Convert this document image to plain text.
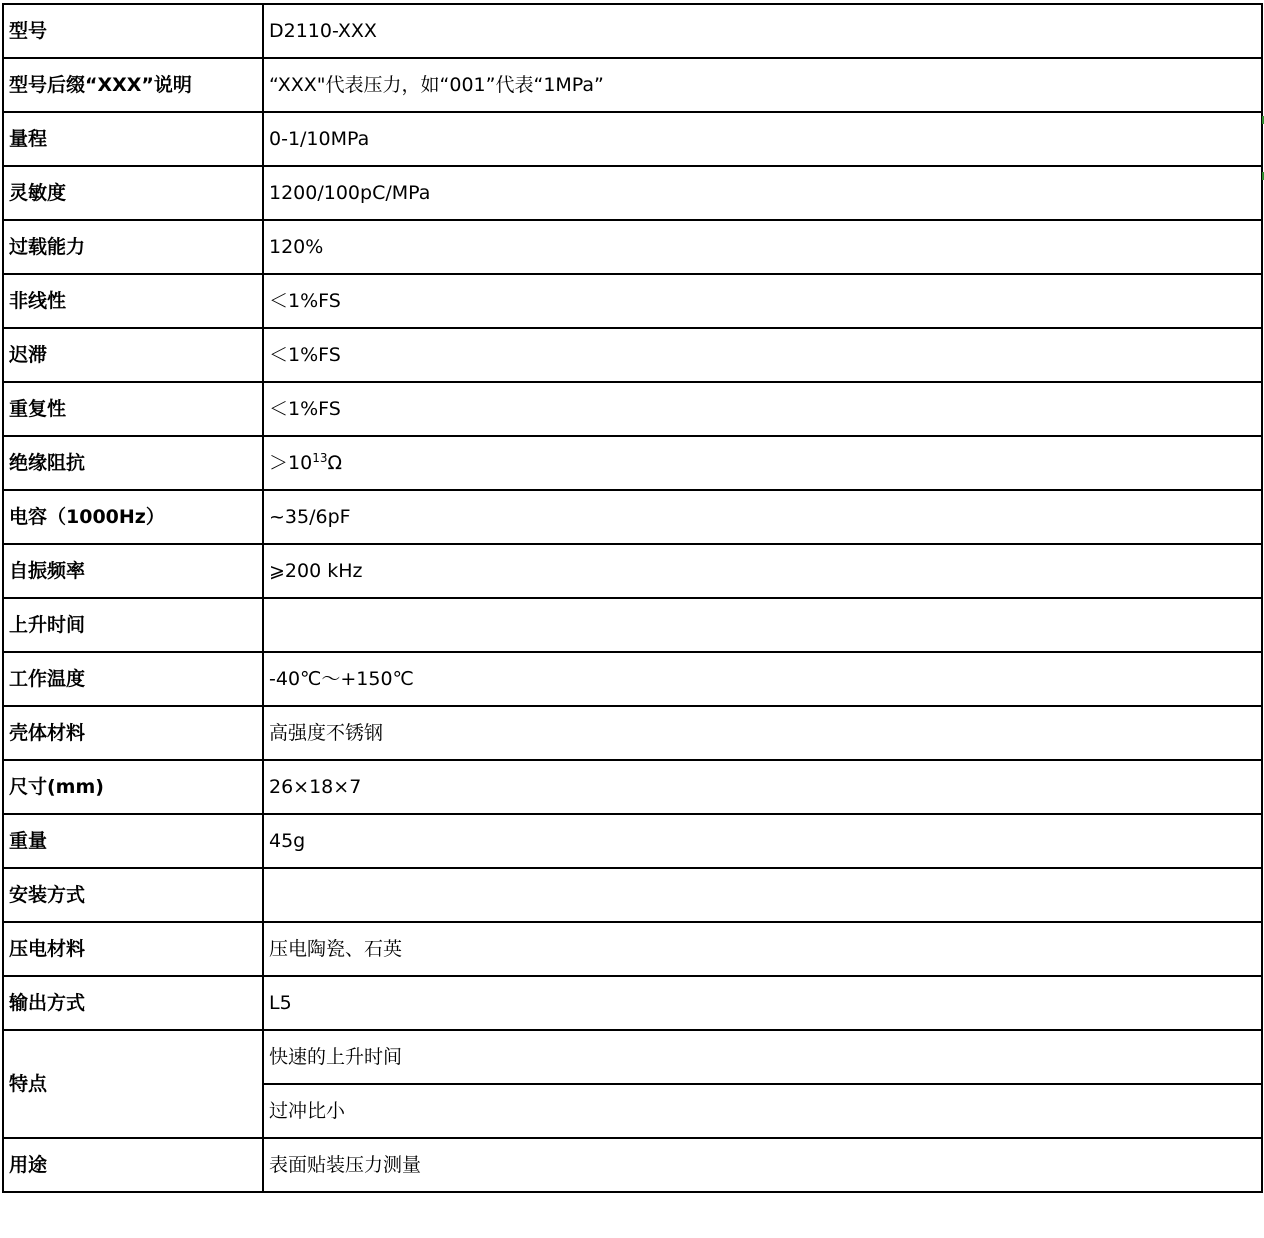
型号	D2110-XXX
型号后缀“XXX”说明	“XXX"代表压力，如“001”代表“1MPa”
量程	0-1/10MPa
灵敏度	1200/100pC/MPa
过载能力	120%
非线性	＜1%FS
迟滞	＜1%FS
重复性	＜1%FS
绝缘阻抗	$>10^{13}\Omega$
电容（1000Hz）	~35/6pF
自振频率	⩾200 kHz
上升时间	
工作温度	-40℃～+150℃
壳体材料	高强度不锈钢
尺寸(mm)	26×18×7
重量	45g
安装方式	
压电材料	压电陶瓷、石英
输出方式	L5
特点	快速的上升时间
	过冲比小
用途	表面贴装压力测量
